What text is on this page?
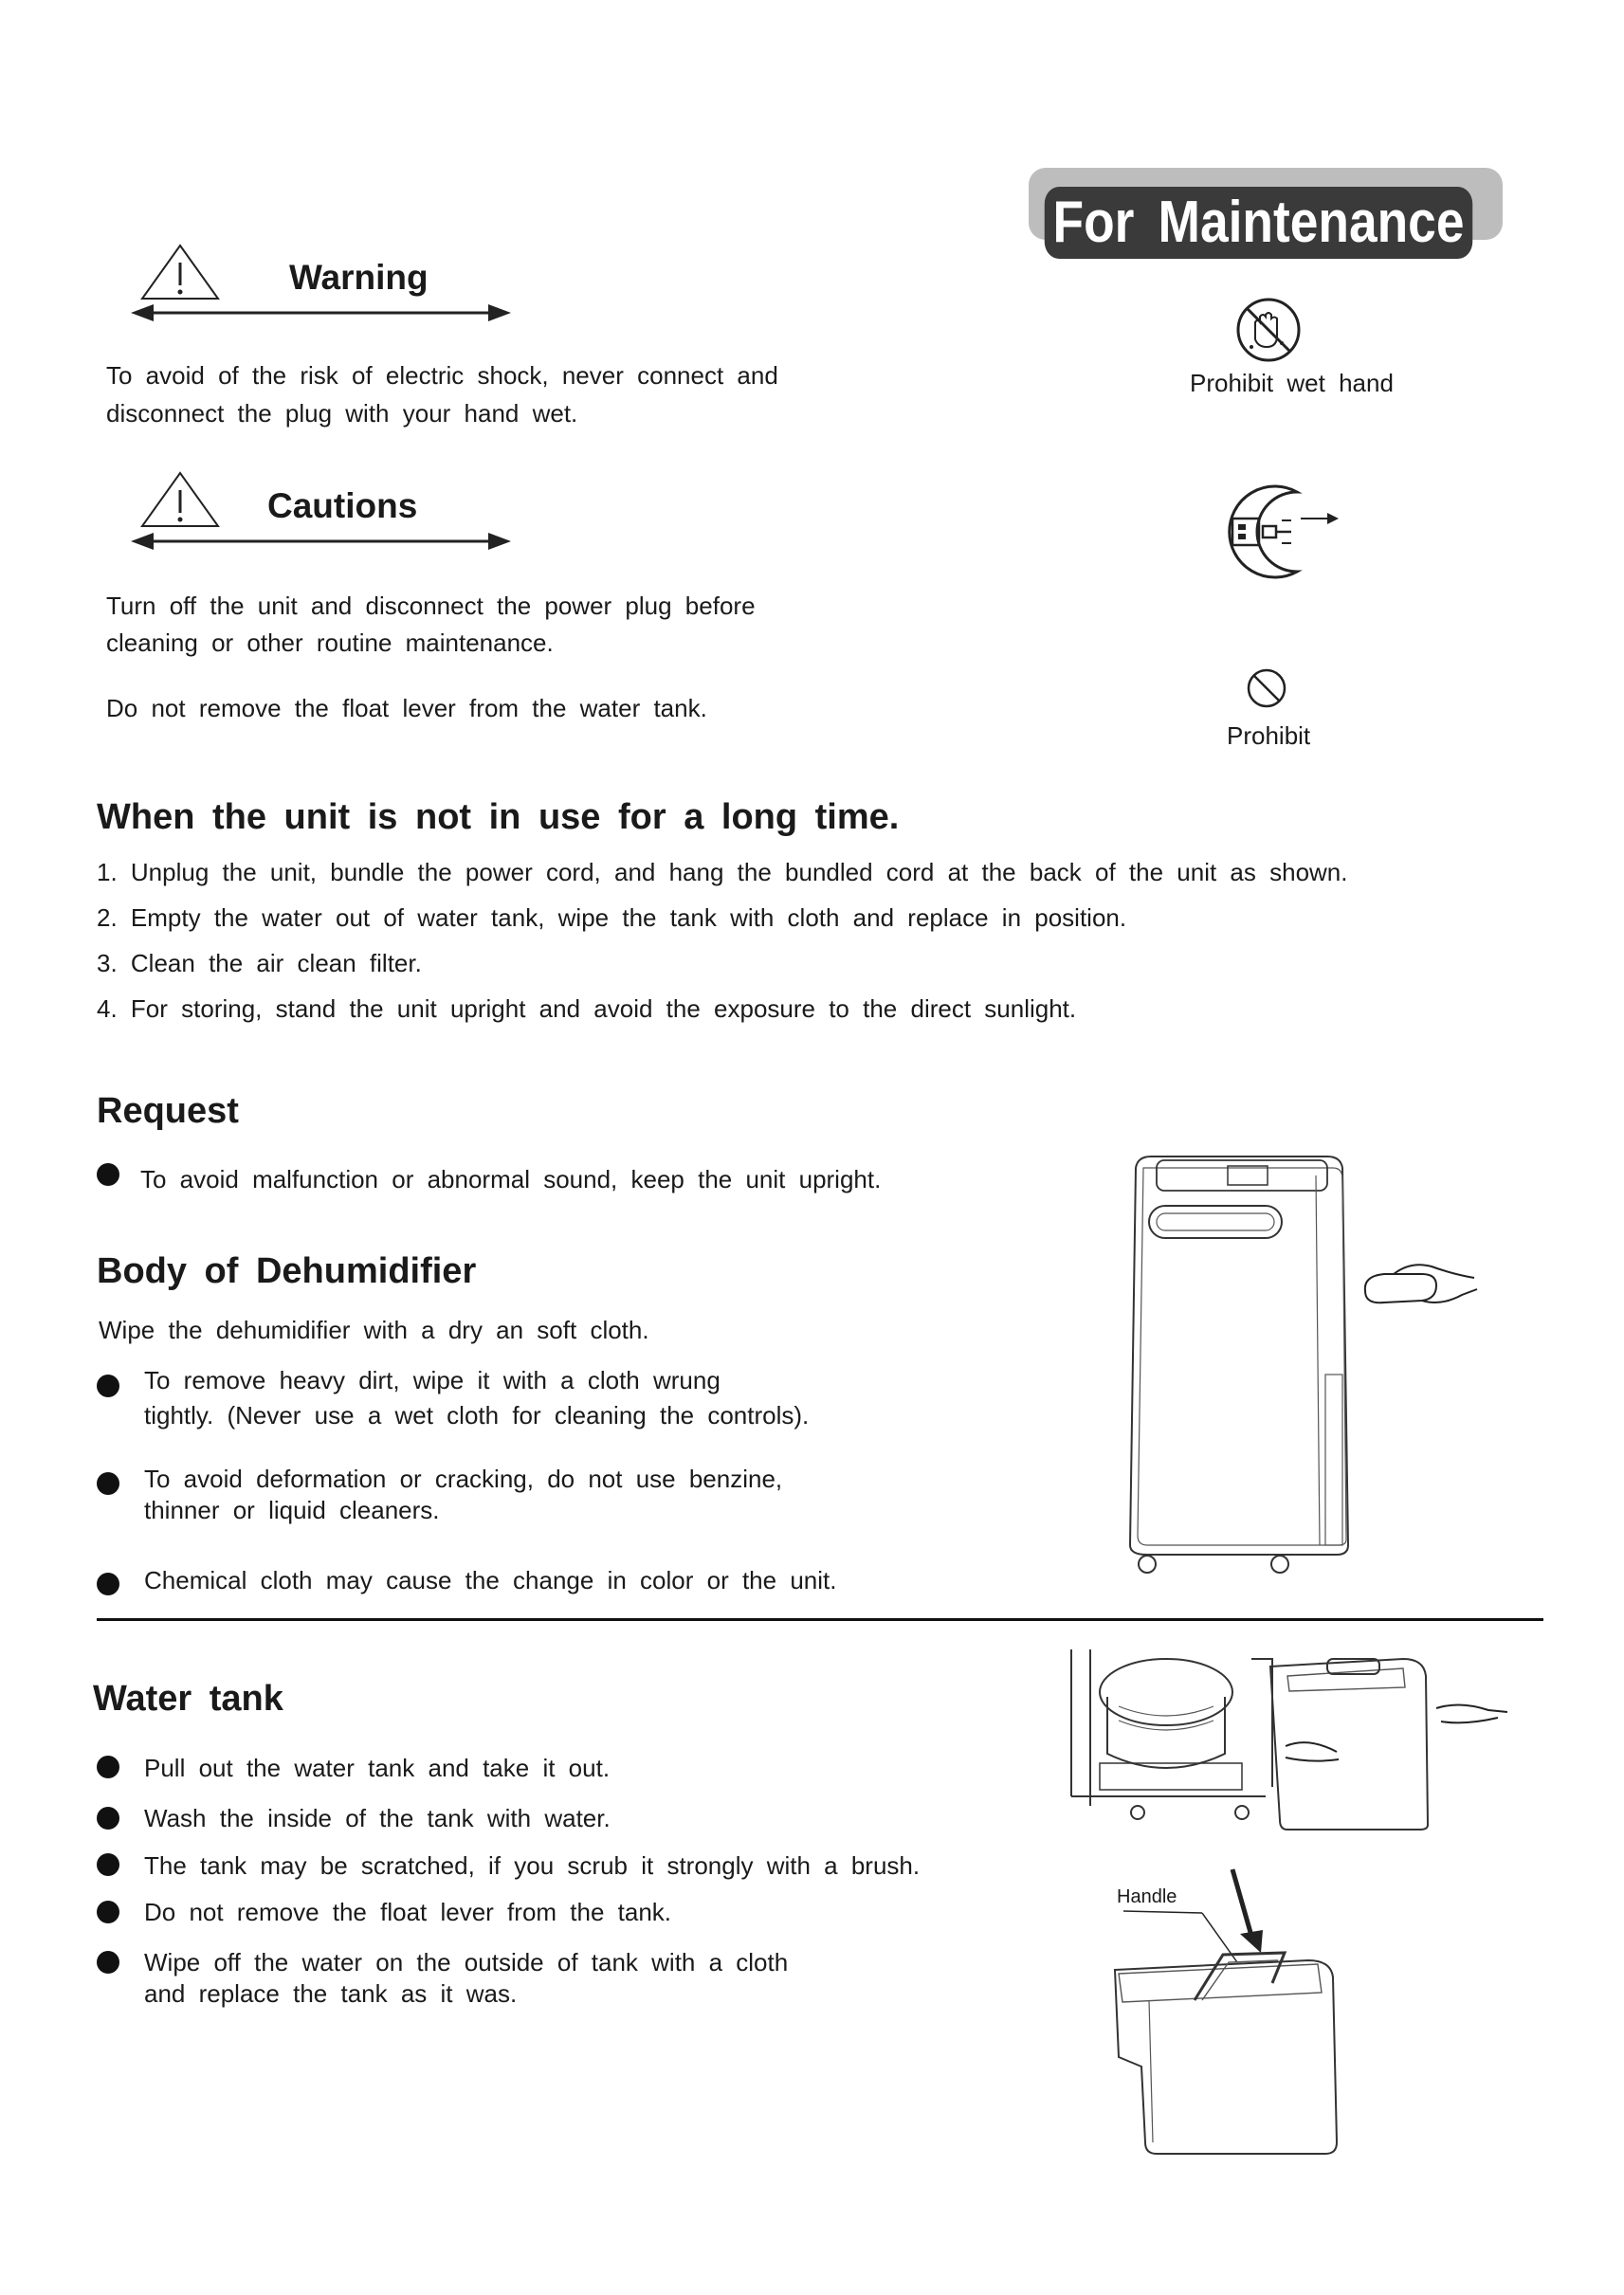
For Maintenance
Warning
To avoid of the risk of electric shock, never connect and
disconnect the plug with your hand wet.
Cautions
Turn off the unit and disconnect the power plug before
cleaning or other routine maintenance.
Do not remove the float lever from the water tank.
Prohibit wet hand
Prohibit
When the unit is not in use for a long time.
1. Unplug the unit, bundle the power cord, and hang the bundled cord at the back of the unit as shown.
2. Empty the water out of water tank, wipe the tank with cloth and replace in position.
3. Clean the air clean filter.
4. For storing, stand the unit upright and avoid the exposure to the direct sunlight.
Request
To avoid malfunction or abnormal sound, keep the unit upright.
Body of Dehumidifier
Wipe the dehumidifier with a dry an soft cloth.
To remove heavy dirt, wipe it with a cloth wrung
tightly. (Never use a wet cloth for cleaning the controls).
To avoid deformation or cracking, do not use benzine,
thinner or liquid cleaners.
Chemical cloth may cause the change in color or the unit.
Water tank
Pull out the water tank and take it out.
Wash the inside of the tank with water.
The tank may be scratched, if you scrub it strongly with a brush.
Do not remove the float lever from the tank.
Wipe off the water on the outside of tank with a cloth
and replace the tank as it was.
Handle
